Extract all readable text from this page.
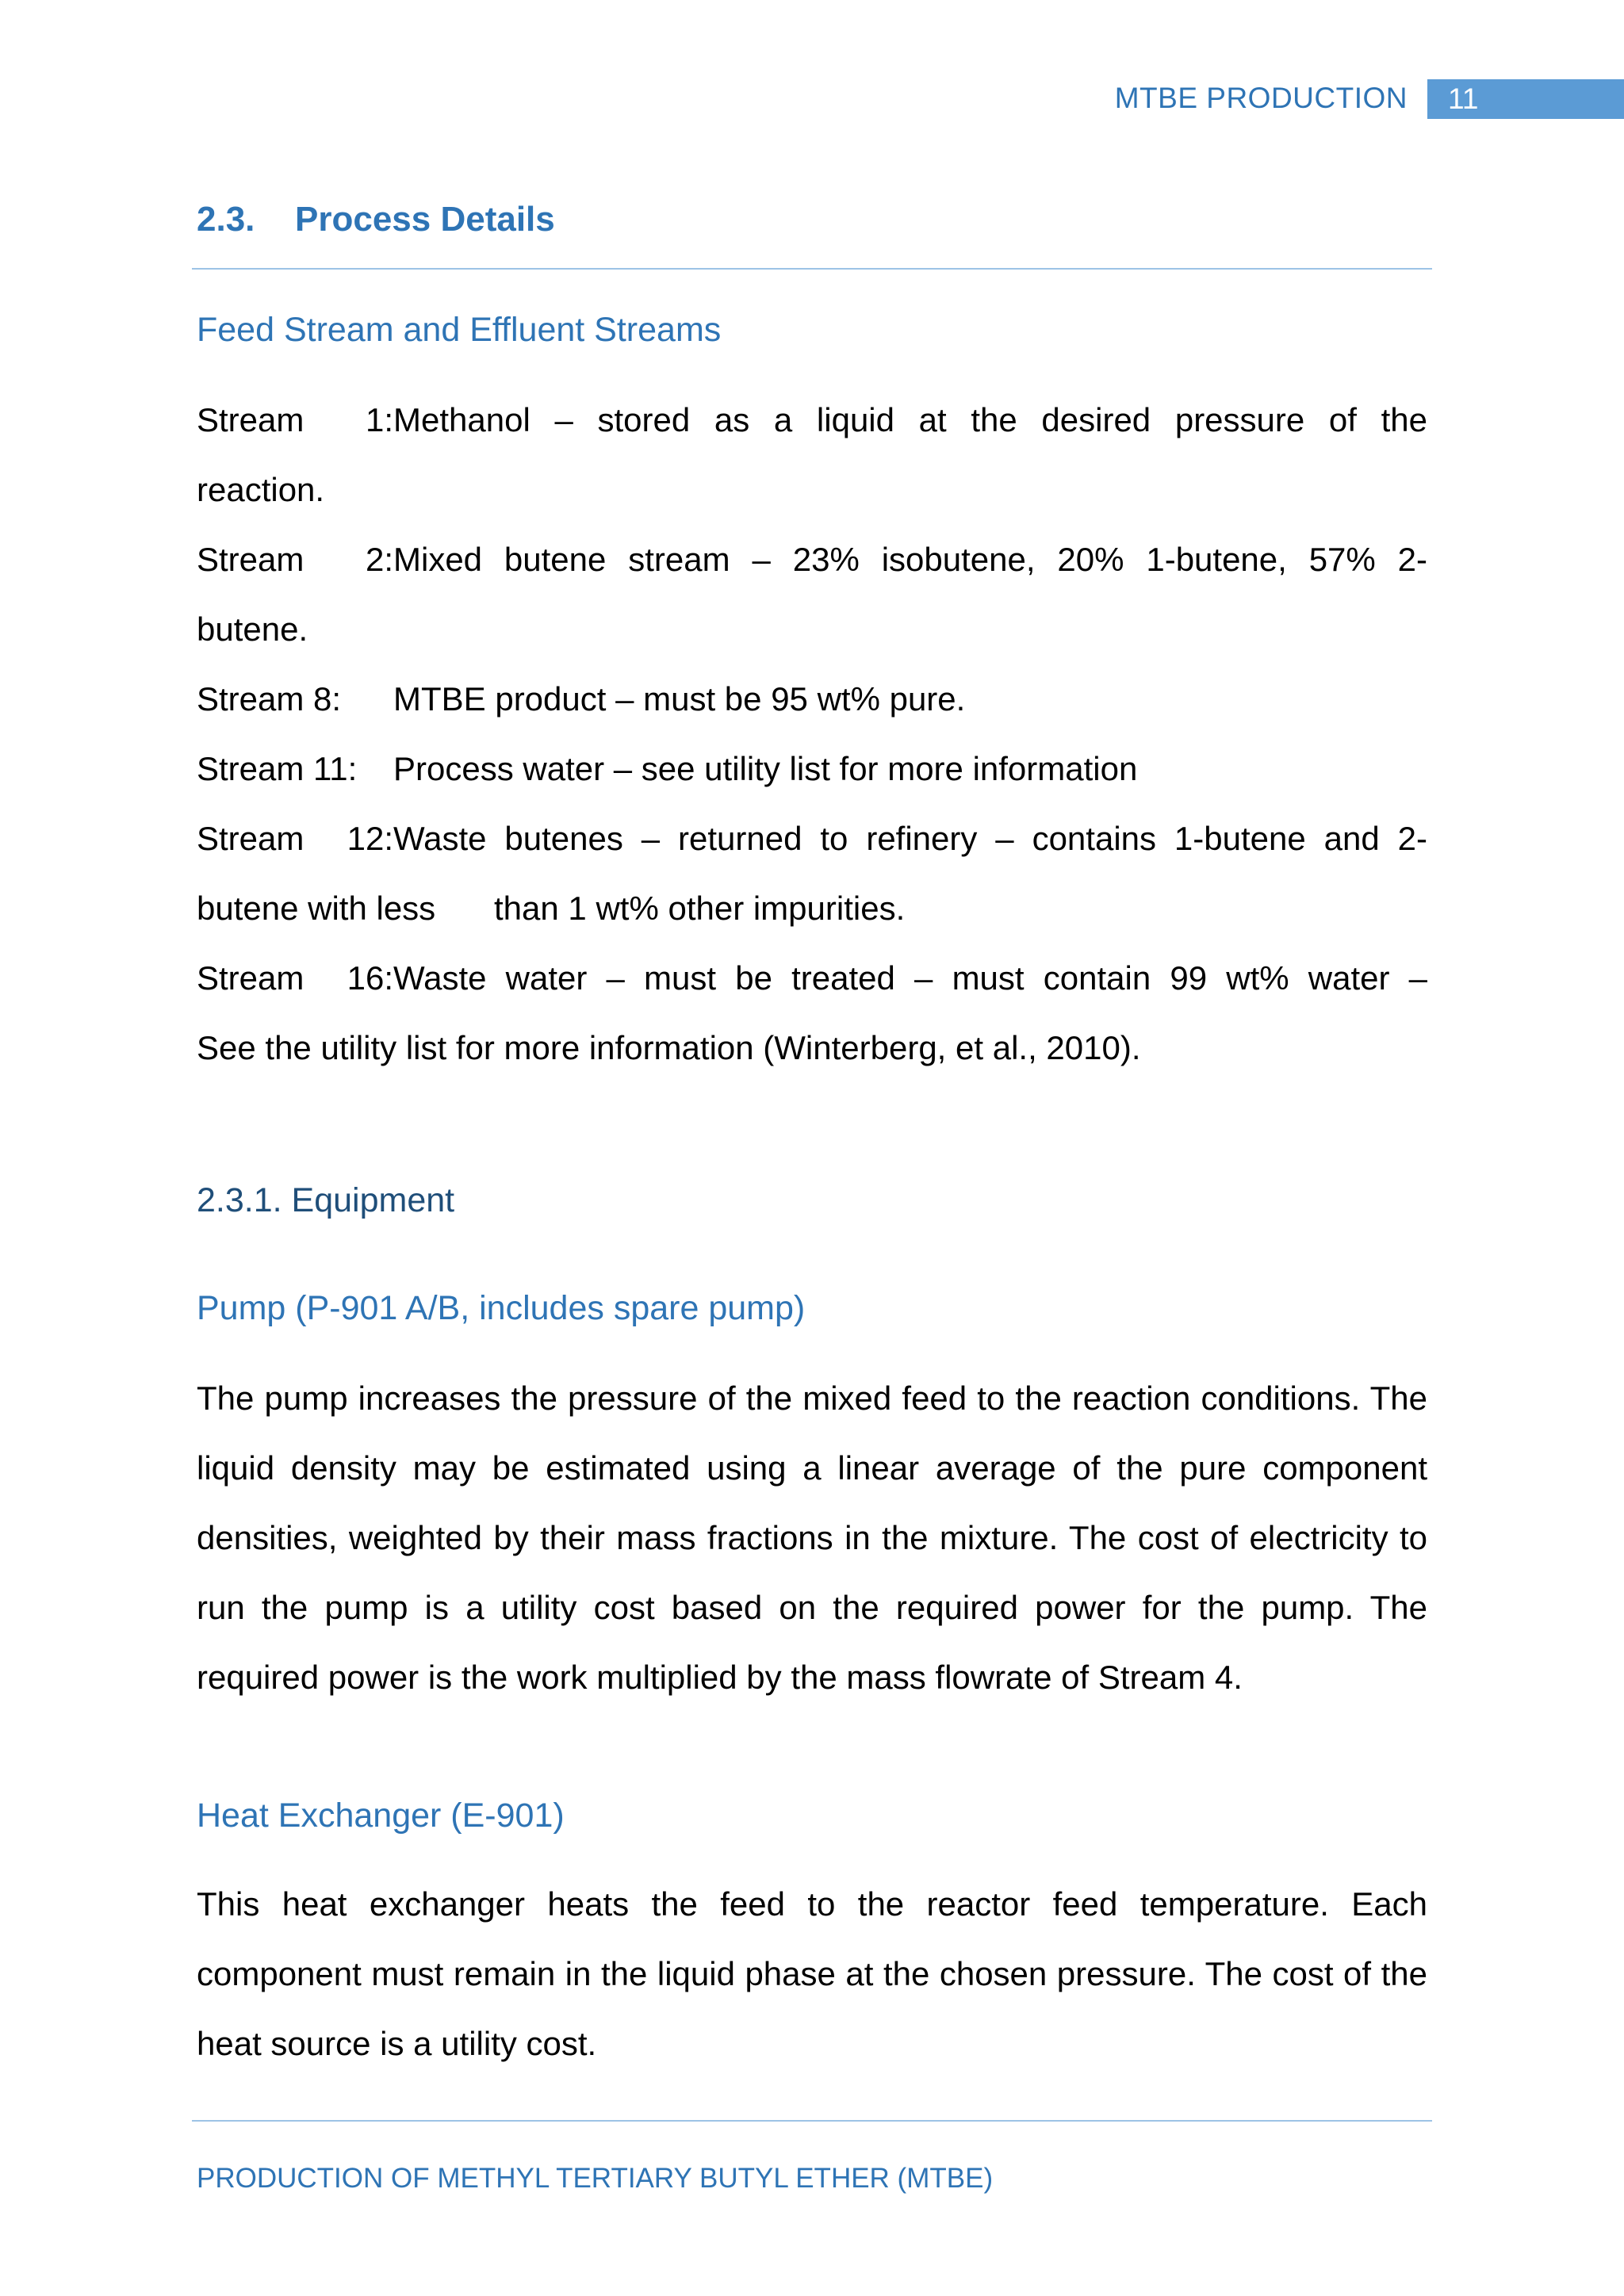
MTBE PRODUCTION	11
2.3. Process Details
Feed Stream and Effluent Streams
Stream 1:Methanol – stored as a liquid at the desired pressure of the
reaction.
Stream 2:Mixed butene stream – 23% isobutene, 20% 1-butene, 57% 2-
butene.
Stream 8: MTBE product – must be 95 wt% pure.
Stream 11: Process water – see utility list for more information
Stream 12:Waste butenes – returned to refinery – contains 1-butene and 2-
butene with less than 1 wt% other impurities.
Stream 16:Waste water – must be treated – must contain 99 wt% water –
See the utility list for more information (Winterberg, et al., 2010).
2.3.1. Equipment
Pump (P-901 A/B, includes spare pump)
The pump increases the pressure of the mixed feed to the reaction conditions. The liquid density may be estimated using a linear average of the pure component densities, weighted by their mass fractions in the mixture. The cost of electricity to run the pump is a utility cost based on the required power for the pump. The required power is the work multiplied by the mass flowrate of Stream 4.
Heat Exchanger (E-901)
This heat exchanger heats the feed to the reactor feed temperature. Each component must remain in the liquid phase at the chosen pressure. The cost of the heat source is a utility cost.
PRODUCTION OF METHYL TERTIARY BUTYL ETHER (MTBE)
